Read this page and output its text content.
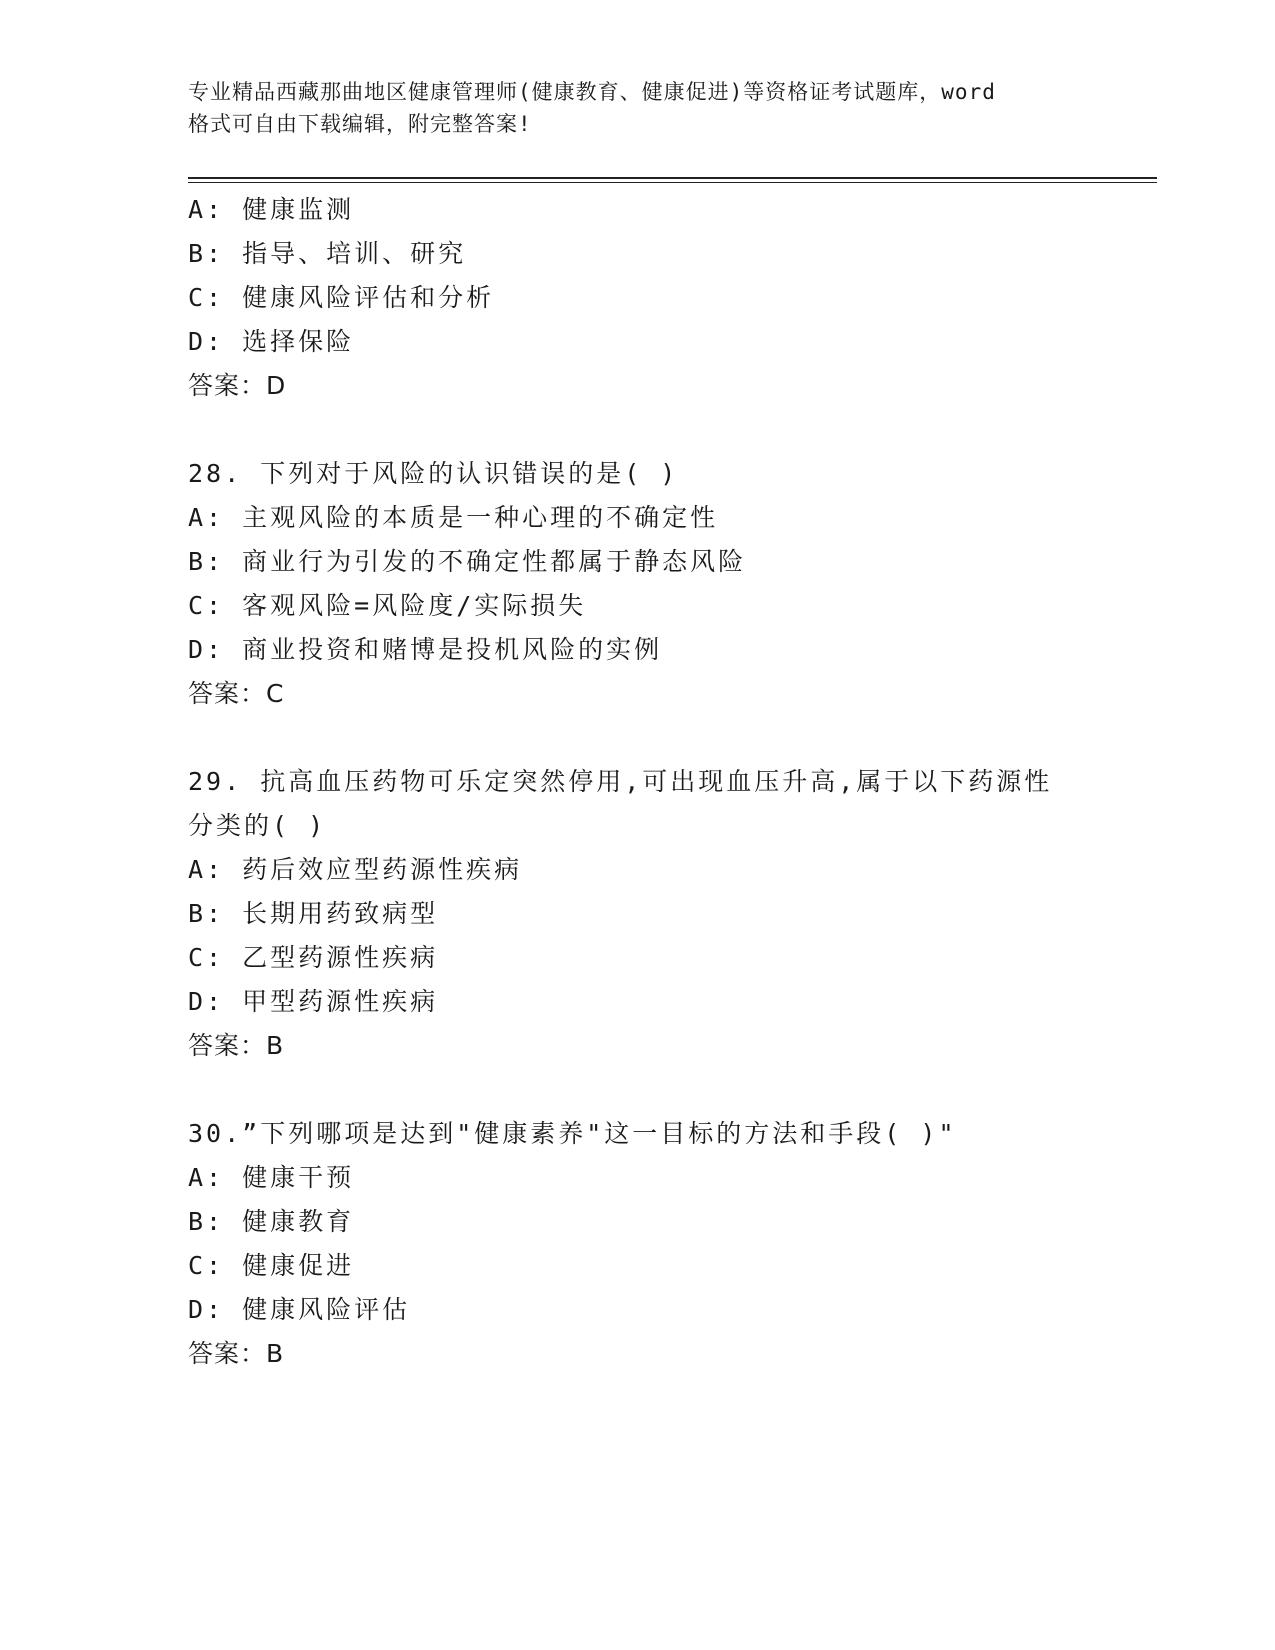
专业精品西藏那曲地区健康管理师(健康教育、健康促进)等资格证考试题库，word
格式可自由下载编辑，附完整答案!
A: 健康监测
B: 指导、培训、研究
C: 健康风险评估和分析
D: 选择保险
答案：D
28. 下列对于风险的认识错误的是( )
A: 主观风险的本质是一种心理的不确定性
B: 商业行为引发的不确定性都属于静态风险
C: 客观风险=风险度/实际损失
D: 商业投资和赌博是投机风险的实例
答案：C
29. 抗高血压药物可乐定突然停用,可出现血压升高,属于以下药源性
分类的( )
A: 药后效应型药源性疾病
B: 长期用药致病型
C: 乙型药源性疾病
D: 甲型药源性疾病
答案：B
30.”下列哪项是达到"健康素养"这一目标的方法和手段( )"
A: 健康干预
B: 健康教育
C: 健康促进
D: 健康风险评估
答案：B
